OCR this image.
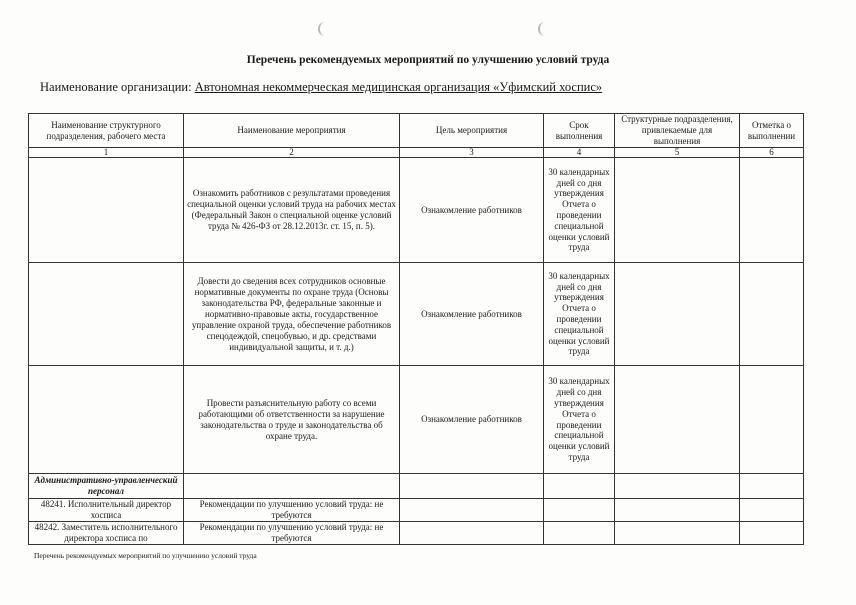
Перечень рекомендуемых мероприятий по улучшению условий труда
Наименование организации: Автономная некоммерческая медицинская организация «Уфимский хоспис»
Наименование структурного подразделения, рабочего места	Наименование мероприятия	Цель мероприятия	Срок выполнения	Структурные подразделения, привлекаемые для выполнения	Отметка о выполнении
1	2	3	4	5	6
	Ознакомить работников с результатами проведения специальной оценки условий труда на рабочих местах (Федеральный Закон о специальной оценке условий труда № 426-ФЗ от 28.12.2013г. ст. 15, п. 5).	Ознакомление работников	30 календарных дней со дня утверждения Отчета о проведении специальной оценки условий труда		
	Довести до сведения всех сотрудников основные нормативные документы по охране труда (Основы законодательства РФ, федеральные законные и нормативно-правовые акты, государственное управление охраной труда, обеспечение работников спецодеждой, спецобувью, и др. средствами индивидуальной защиты, и т. д.)	Ознакомление работников	30 календарных дней со дня утверждения Отчета о проведении специальной оценки условий труда		
	Провести разъяснительную работу со всеми работающими об ответственности за нарушение законодательства о труде и законодательства об охране труда.	Ознакомление работников	30 календарных дней со дня утверждения Отчета о проведении специальной оценки условий труда		
Административно-управленческий персонал					
48241. Исполнительный директор хосписа	Рекомендации по улучшению условий труда: не требуются				
48242. Заместитель исполнительного директора хосписа по	Рекомендации по улучшению условий труда: не требуются				
Перечень рекомендуемых мероприятий по улучшению условий труда
